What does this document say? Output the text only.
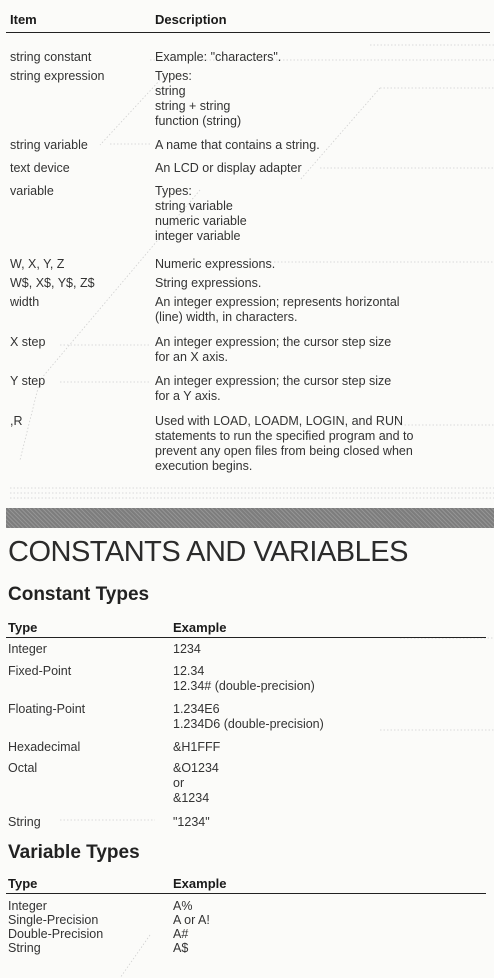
Item	Description
string constant	Example: "characters".
string expression	Types:
string
string + string
function (string)
string variable	A name that contains a string.
text device	An LCD or display adapter
variable	Types:
string variable
numeric variable
integer variable
W, X, Y, Z	Numeric expressions.
W$, X$, Y$, Z$	String expressions.
width	An integer expression; represents horizontal
(line) width, in characters.
X step	An integer expression; the cursor step size
for an X axis.
Y step	An integer expression; the cursor step size
for a Y axis.
,R	Used with LOAD, LOADM, LOGIN, and RUN
statements to run the specified program and to
prevent any open files from being closed when
execution begins.
CONSTANTS AND VARIABLES
Constant Types
Type	Example
Integer	1234
Fixed-Point	12.34
12.34# (double-precision)
Floating-Point	1.234E6
1.234D6 (double-precision)
Hexadecimal	&H1FFF
Octal	&O1234
or
&1234
String	"1234"
Variable Types
Type	Example
Integer	A%
Single-Precision	A or A!
Double-Precision	A#
String	A$
